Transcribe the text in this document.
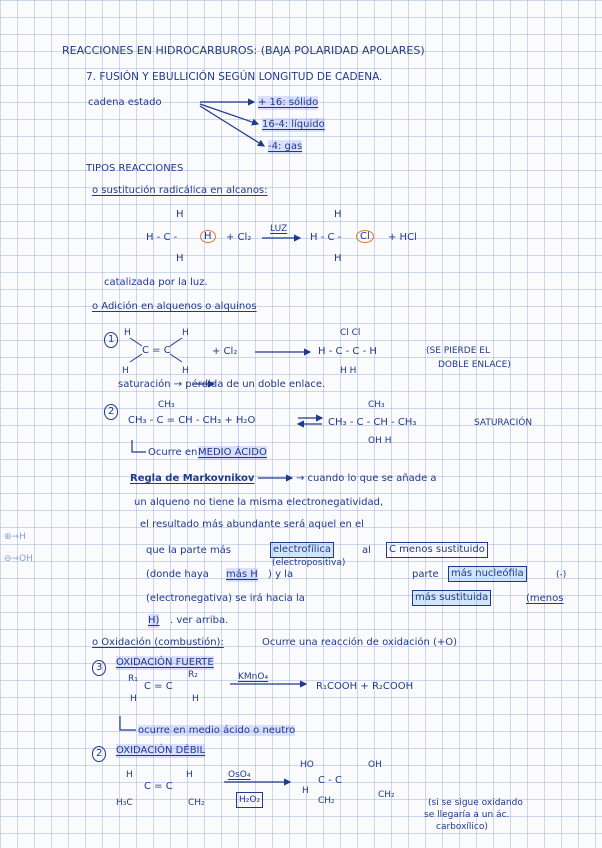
REACCIONES EN HIDROCARBUROS: (BAJA POLARIDAD APOLARES)
7. FUSIÓN Y EBULLICIÓN SEGÚN LONGITUD DE CADENA.
cadena estado	+ 16: sólido
16-4: líquido
-4: gas
TIPOS REACCIONES
o sustitución radicálica en alcanos:
H
H - C -	H	+ Cl₂
LUZ
H
H
H - C -	Cl	+ HCl
H
catalizada por la luz.
o Adición en alquenos o alquinos
1
H	H
C = C
H	H
+ Cl₂
Cl Cl
H - C - C - H
H H
(SE PIERDE EL
DOBLE ENLACE)
saturación → pérdida de un doble enlace.
2
CH₃
CH₃ - C = CH - CH₃ + H₂O
CH₃
CH₃ - C - CH - CH₃
OH H
SATURACIÓN
Ocurre en MEDIO ÁCIDO
Regla de Markovnikov	→ cuando lo que se añade a
un alqueno no tiene la misma electronegatividad,
el resultado más abundante será aquel en el
que la parte más	electrofílica	al	C menos sustituido
(electropositiva)
(donde haya más H ) y la	parte	más nucleófila	(-)
(electronegativa) se irá hacia la	más sustituida	(menos
H) . ver arriba.
⊕→H
⊖→OH
o Oxidación (combustión):	Ocurre una reacción de oxidación (+O)
3	OXIDACIÓN FUERTE
R₁	R₂
C = C
H	H
KMnO₄
R₁COOH + R₂COOH
ocurre en medio ácido o neutro
2	OXIDACIÓN DÉBIL
H	H
C = C
H₃C	CH₂
OsO₄
H₂O₂
HO	OH
C - C
H
CH₂
CH₂
(si se sigue oxidando
se llegaría a un ác.
carboxílico)
